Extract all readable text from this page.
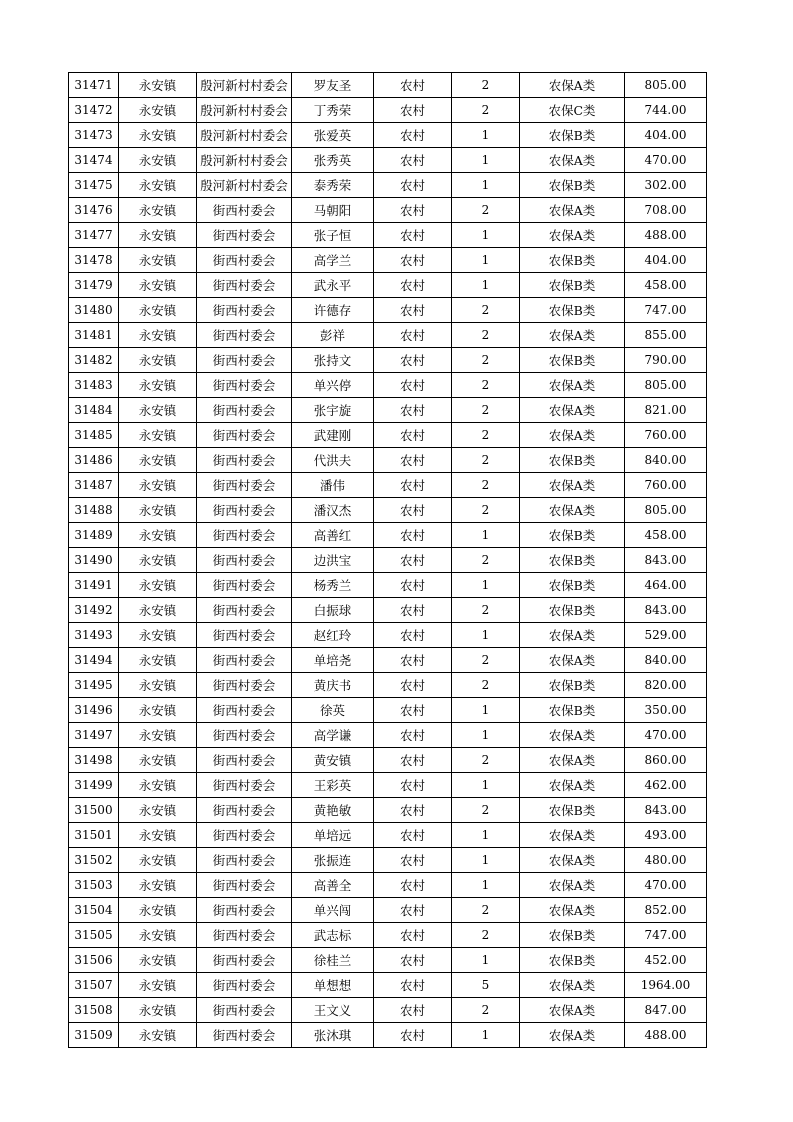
31471	永安镇	殷河新村村委会	罗友圣	农村	2	农保A类	805.00
31472	永安镇	殷河新村村委会	丁秀荣	农村	2	农保C类	744.00
31473	永安镇	殷河新村村委会	张爱英	农村	1	农保B类	404.00
31474	永安镇	殷河新村村委会	张秀英	农村	1	农保A类	470.00
31475	永安镇	殷河新村村委会	泰秀荣	农村	1	农保B类	302.00
31476	永安镇	街西村委会	马朝阳	农村	2	农保A类	708.00
31477	永安镇	街西村委会	张子恒	农村	1	农保A类	488.00
31478	永安镇	街西村委会	高学兰	农村	1	农保B类	404.00
31479	永安镇	街西村委会	武永平	农村	1	农保B类	458.00
31480	永安镇	街西村委会	许德存	农村	2	农保B类	747.00
31481	永安镇	街西村委会	彭祥	农村	2	农保A类	855.00
31482	永安镇	街西村委会	张持文	农村	2	农保B类	790.00
31483	永安镇	街西村委会	单兴停	农村	2	农保A类	805.00
31484	永安镇	街西村委会	张宇旋	农村	2	农保A类	821.00
31485	永安镇	街西村委会	武建刚	农村	2	农保A类	760.00
31486	永安镇	街西村委会	代洪夫	农村	2	农保B类	840.00
31487	永安镇	街西村委会	潘伟	农村	2	农保A类	760.00
31488	永安镇	街西村委会	潘汉杰	农村	2	农保A类	805.00
31489	永安镇	街西村委会	高善红	农村	1	农保B类	458.00
31490	永安镇	街西村委会	边洪宝	农村	2	农保B类	843.00
31491	永安镇	街西村委会	杨秀兰	农村	1	农保B类	464.00
31492	永安镇	街西村委会	白振球	农村	2	农保B类	843.00
31493	永安镇	街西村委会	赵红玲	农村	1	农保A类	529.00
31494	永安镇	街西村委会	单培尧	农村	2	农保A类	840.00
31495	永安镇	街西村委会	黄庆书	农村	2	农保B类	820.00
31496	永安镇	街西村委会	徐英	农村	1	农保B类	350.00
31497	永安镇	街西村委会	高学谦	农村	1	农保A类	470.00
31498	永安镇	街西村委会	黄安镇	农村	2	农保A类	860.00
31499	永安镇	街西村委会	王彩英	农村	1	农保A类	462.00
31500	永安镇	街西村委会	黄艳敏	农村	2	农保B类	843.00
31501	永安镇	街西村委会	单培远	农村	1	农保A类	493.00
31502	永安镇	街西村委会	张振连	农村	1	农保A类	480.00
31503	永安镇	街西村委会	高善全	农村	1	农保A类	470.00
31504	永安镇	街西村委会	单兴闯	农村	2	农保A类	852.00
31505	永安镇	街西村委会	武志标	农村	2	农保B类	747.00
31506	永安镇	街西村委会	徐桂兰	农村	1	农保B类	452.00
31507	永安镇	街西村委会	单想想	农村	5	农保A类	1964.00
31508	永安镇	街西村委会	王文义	农村	2	农保A类	847.00
31509	永安镇	街西村委会	张沐琪	农村	1	农保A类	488.00
